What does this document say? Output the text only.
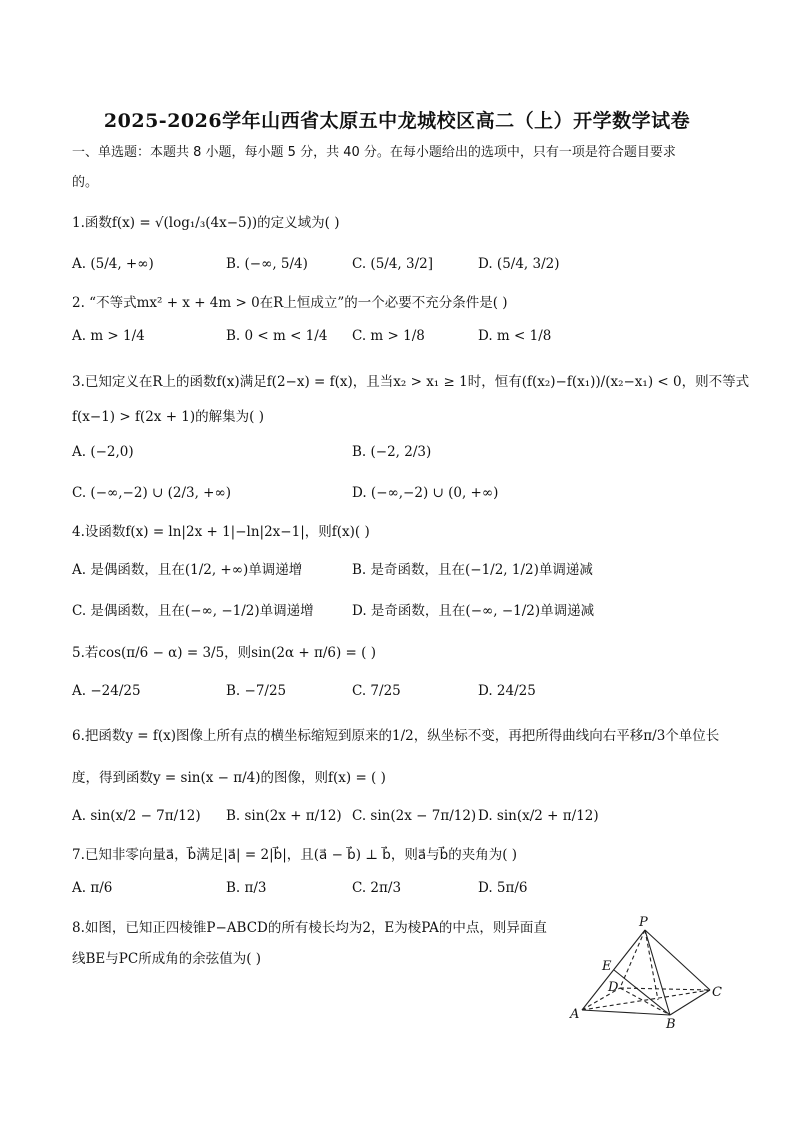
2025-2026学年山西省太原五中龙城校区高二（上）开学数学试卷
一、单选题：本题共 8 小题，每小题 5 分，共 40 分。在每小题给出的选项中，只有一项是符合题目要求
的。
1.函数f(x) = √(log₁/₃(4x−5))的定义域为( )
A. (5/4, +∞)	B. (−∞, 5/4)	C. (5/4, 3/2]	D. (5/4, 3/2)
2. “不等式mx² + x + 4m > 0在R上恒成立”的一个必要不充分条件是( )
A. m > 1/4	B. 0 < m < 1/4 C. m > 1/8	D. m < 1/8
3.已知定义在R上的函数f(x)满足f(2−x) = f(x)，且当x₂ > x₁ ≥ 1时，恒有(f(x₂)−f(x₁))/(x₂−x₁) < 0，则不等式
f(x−1) > f(2x + 1)的解集为( )
A. (−2,0)	B. (−2, 2/3)
C. (−∞,−2) ∪ (2/3, +∞)	D. (−∞,−2) ∪ (0, +∞)
4.设函数f(x) = ln|2x + 1|−ln|2x−1|，则f(x)( )
A. 是偶函数，且在(1/2, +∞)单调递增	B. 是奇函数，且在(−1/2, 1/2)单调递减
C. 是偶函数，且在(−∞, −1/2)单调递增	D. 是奇函数，且在(−∞, −1/2)单调递减
5.若cos(π/6 − α) = 3/5，则sin(2α + π/6) = ( )
A. −24/25	B. −7/25	C. 7/25	D. 24/25
6.把函数y = f(x)图像上所有点的横坐标缩短到原来的1/2，纵坐标不变，再把所得曲线向右平移π/3个单位长
度，得到函数y = sin(x − π/4)的图像，则f(x) = ( )
A. sin(x/2 − 7π/12) B. sin(2x + π/12) C. sin(2x − 7π/12) D. sin(x/2 + π/12)
7.已知非零向量a⃗，b⃗满足|a⃗| = 2|b⃗|，且(a⃗ − b⃗) ⊥ b⃗，则a⃗与b⃗的夹角为( )
A. π/6	B. π/3	C. 2π/3	D. 5π/6
8.如图，已知正四棱锥P−ABCD的所有棱长均为2，E为棱PA的中点，则异面直
线BE与PC所成角的余弦值为( )
P
E
D	C
A
B
